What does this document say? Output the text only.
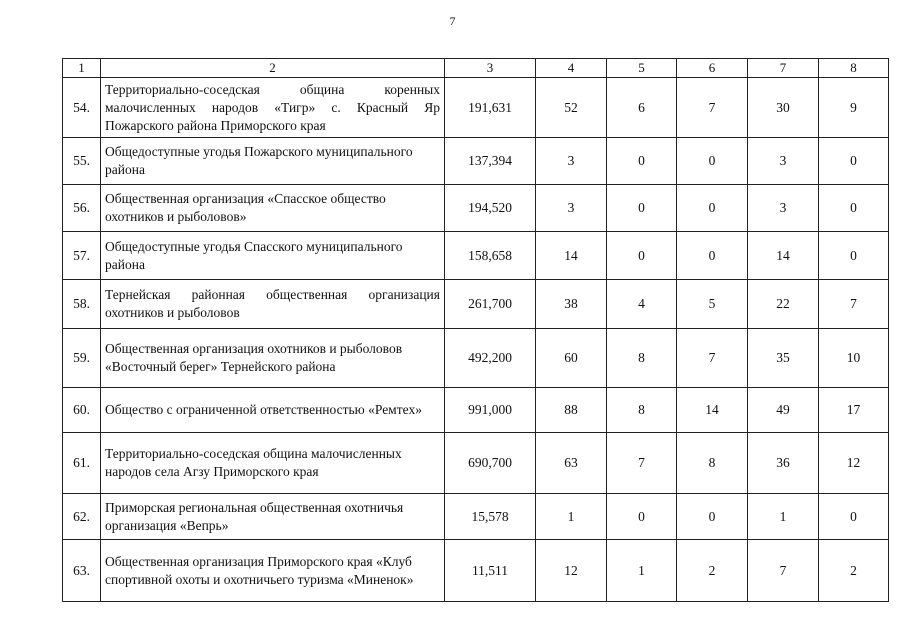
7
1	2	3	4	5	6	7	8
54.	Территориально-соседская община коренных малочисленных народов «Тигр» с. Красный Яр Пожарского района Приморского края	191,631	52	6	7	30	9
55.	Общедоступные угодья Пожарского муниципального района	137,394	3	0	0	3	0
56.	Общественная организация «Спасское общество охотников и рыболовов»	194,520	3	0	0	3	0
57.	Общедоступные угодья Спасского муниципального района	158,658	14	0	0	14	0
58.	Тернейская районная общественная организация охотников и рыболовов	261,700	38	4	5	22	7
59.	Общественная организация охотников и рыболовов «Восточный берег» Тернейского района	492,200	60	8	7	35	10
60.	Общество с ограниченной ответственностью «Ремтех»	991,000	88	8	14	49	17
61.	Территориально-соседская община малочисленных народов села Агзу Приморского края	690,700	63	7	8	36	12
62.	Приморская региональная общественная охотничья организация «Вепрь»	15,578	1	0	0	1	0
63.	Общественная организация Приморского края «Клуб спортивной охоты и охотничьего туризма «Миненок»	11,511	12	1	2	7	2
